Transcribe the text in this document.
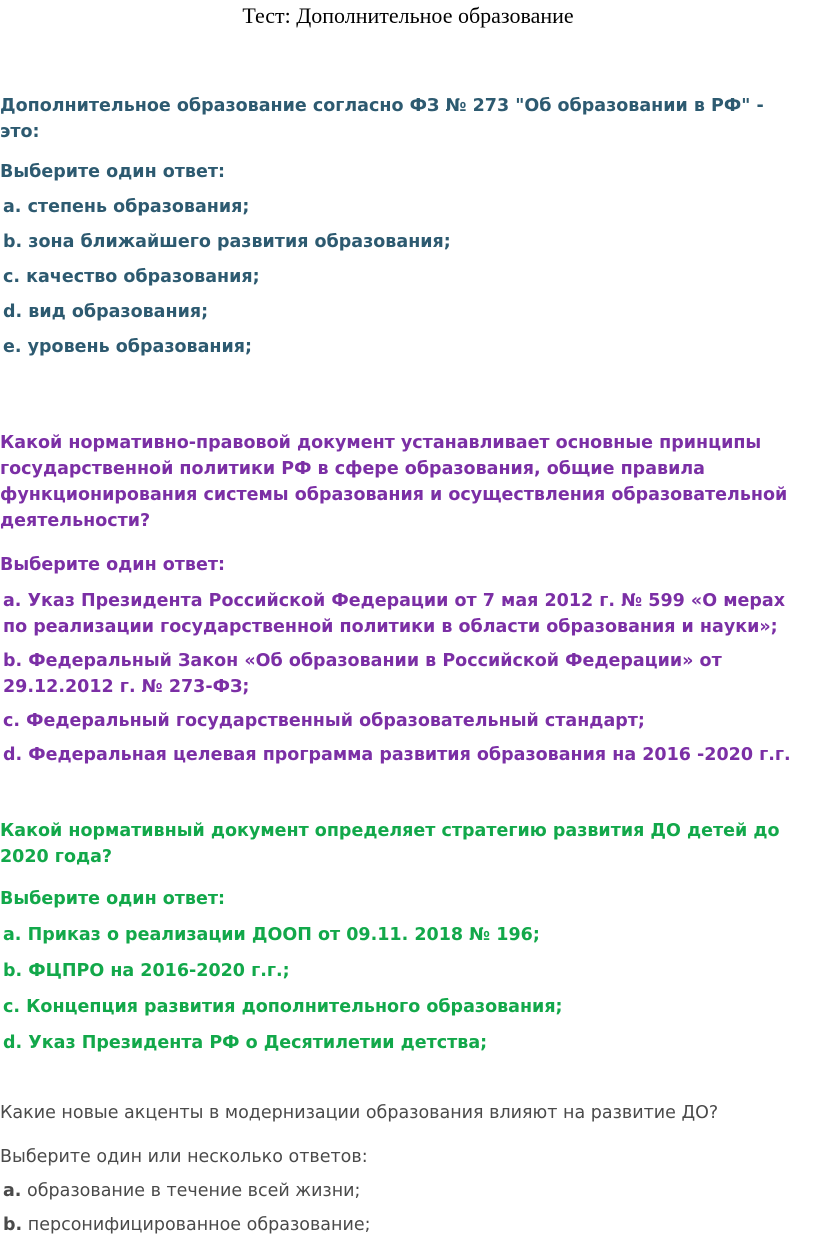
Тест: Дополнительное образование

Дополнительное образование согласно ФЗ № 273 "Об образовании в РФ" - это:

Выберите один ответ:

a. степень образования;
b. зона ближайшего развития образования;
c. качество образования;
d. вид образования;
e. уровень образования;

Какой нормативно-правовой документ устанавливает основные принципы государственной политики РФ в сфере образования, общие правила функционирования системы образования и осуществления образовательной деятельности?

Выберите один ответ:

a. Указ Президента Российской Федерации от 7 мая 2012 г. № 599 «О мерах по реализации государственной политики в области образования и науки»;
b. Федеральный Закон «Об образовании в Российской Федерации» от 29.12.2012 г. № 273-ФЗ;
c. Федеральный государственный образовательный стандарт;
d. Федеральная целевая программа развития образования на 2016 -2020 г.г.

Какой нормативный документ определяет стратегию развития ДО детей до 2020 года?

Выберите один ответ:

a. Приказ о реализации ДООП от 09.11. 2018 № 196;
b. ФЦПРО на 2016-2020 г.г.;
c. Концепция развития дополнительного образования;
d. Указ Президента РФ о Десятилетии детства;

Какие новые акценты в модернизации образования влияют на развитие ДО?

Выберите один или несколько ответов:

a. образование в течение всей жизни;
b. персонифицированное образование;
